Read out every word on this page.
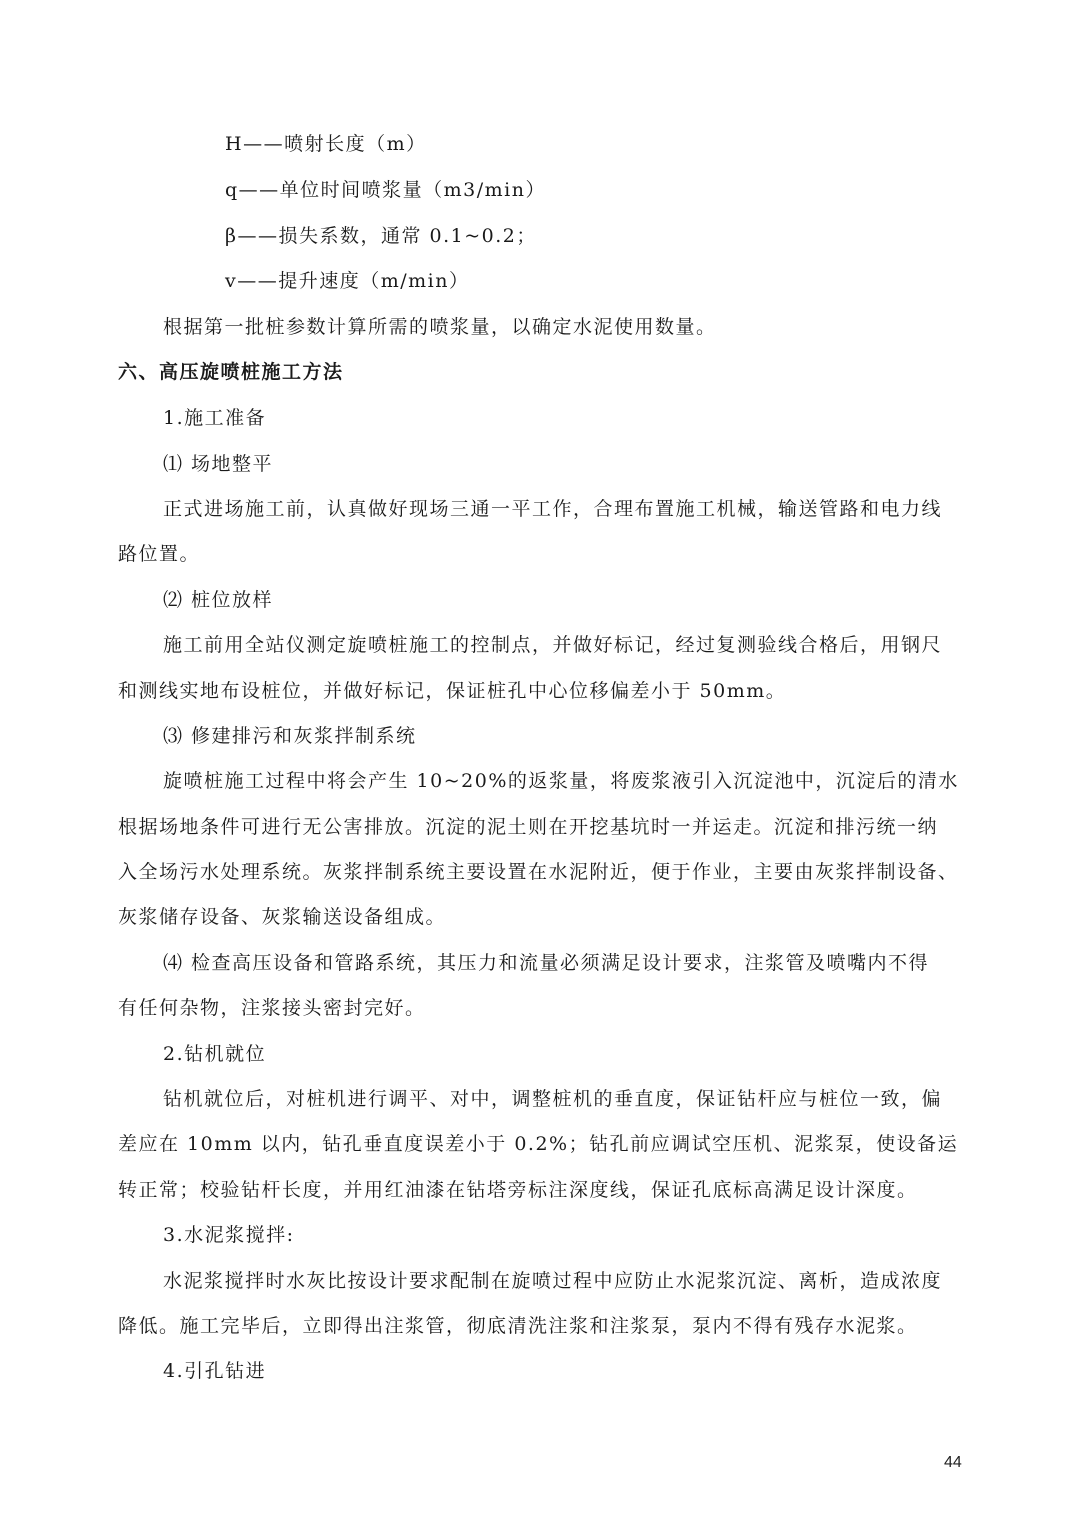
H——喷射长度（m）
q——单位时间喷浆量（m3/min）
β——损失系数，通常 0.1~0.2；
v——提升速度（m/min）
根据第一批桩参数计算所需的喷浆量，以确定水泥使用数量。
六、高压旋喷桩施工方法
1.施工准备
⑴ 场地整平
正式进场施工前，认真做好现场三通一平工作，合理布置施工机械，输送管路和电力线
路位置。
⑵ 桩位放样
施工前用全站仪测定旋喷桩施工的控制点，并做好标记，经过复测验线合格后，用钢尺
和测线实地布设桩位，并做好标记，保证桩孔中心位移偏差小于 50mm。
⑶ 修建排污和灰浆拌制系统
旋喷桩施工过程中将会产生 10~20%的返浆量，将废浆液引入沉淀池中，沉淀后的清水
根据场地条件可进行无公害排放。沉淀的泥土则在开挖基坑时一并运走。沉淀和排污统一纳
入全场污水处理系统。灰浆拌制系统主要设置在水泥附近，便于作业，主要由灰浆拌制设备、
灰浆储存设备、灰浆输送设备组成。
⑷ 检查高压设备和管路系统，其压力和流量必须满足设计要求，注浆管及喷嘴内不得
有任何杂物，注浆接头密封完好。
2.钻机就位
钻机就位后，对桩机进行调平、对中，调整桩机的垂直度，保证钻杆应与桩位一致，偏
差应在 10mm 以内，钻孔垂直度误差小于 0.2%；钻孔前应调试空压机、泥浆泵，使设备运
转正常；校验钻杆长度，并用红油漆在钻塔旁标注深度线，保证孔底标高满足设计深度。
3.水泥浆搅拌:
水泥浆搅拌时水灰比按设计要求配制在旋喷过程中应防止水泥浆沉淀、离析，造成浓度
降低。施工完毕后，立即得出注浆管，彻底清洗注浆和注浆泵，泵内不得有残存水泥浆。
4.引孔钻进
44
